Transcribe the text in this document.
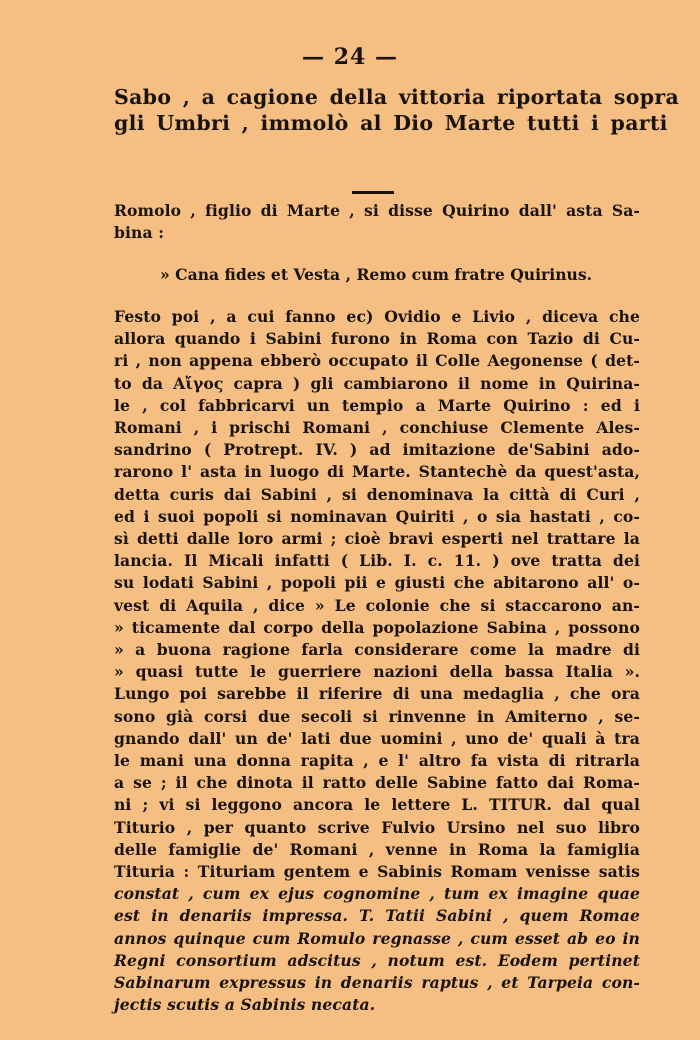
— 24 —
Sabo , a cagione della vittoria riportata sopra
gli Umbri , immolò al Dio Marte tutti i parti
Romolo , figlio di Marte , si disse Quirino dall' asta Sa-
bina :
» Cana fides et Vesta , Remo cum fratre Quirinus.
Festo poi , a cui fanno ec) Ovidio e Livio , diceva che
allora quando i Sabini furono in Roma con Tazio di Cu-
ri , non appena ebberò occupato il Colle Aegonense ( det-
to da Αἴγος capra ) gli cambiarono il nome in Quirina-
le , col fabbricarvi un tempio a Marte Quirino : ed i
Romani , i prischi Romani , conchiuse Clemente Ales-
sandrino ( Protrept. IV. ) ad imitazione de'Sabini ado-
rarono l' asta in luogo di Marte. Stantechè da quest'asta,
detta curis dai Sabini , si denominava la città di Curi ,
ed i suoi popoli si nominavan Quiriti , o sia hastati , co-
sì detti dalle loro armi ; cioè bravi esperti nel trattare la
lancia. Il Micali infatti ( Lib. I. c. 11. ) ove tratta dei
su lodati Sabini , popoli pii e giusti che abitarono all' o-
vest di Aquila , dice » Le colonie che si staccarono an-
» ticamente dal corpo della popolazione Sabina , possono
» a buona ragione farla considerare come la madre di
» quasi tutte le guerriere nazioni della bassa Italia ».
Lungo poi sarebbe il riferire di una medaglia , che ora
sono già corsi due secoli si rinvenne in Amiterno , se-
gnando dall' un de' lati due uomini , uno de' quali à tra
le mani una donna rapita , e l' altro fa vista di ritrarla
a se ; il che dinota il ratto delle Sabine fatto dai Roma-
ni ; vi si leggono ancora le lettere L. TITUR. dal qual
Titurio , per quanto scrive Fulvio Ursino nel suo libro
delle famiglie de' Romani , venne in Roma la famiglia
Tituria : Tituriam gentem e Sabinis Romam venisse satis
constat , cum ex ejus cognomine , tum ex imagine quae
est in denariis impressa. T. Tatii Sabini , quem Romae
annos quinque cum Romulo regnasse , cum esset ab eo in
Regni consortium adscitus , notum est. Eodem pertinet
Sabinarum expressus in denariis raptus , et Tarpeia con-
jectis scutis a Sabinis necata.
